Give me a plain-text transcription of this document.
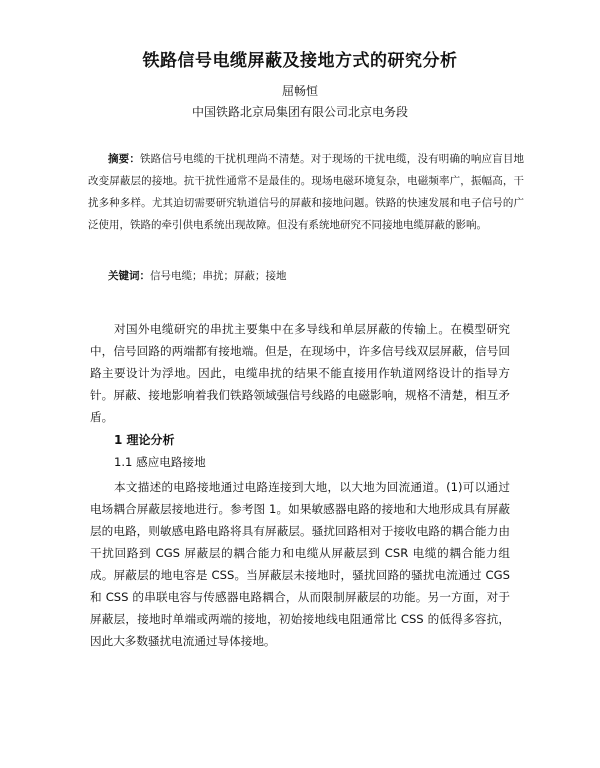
铁路信号电缆屏蔽及接地方式的研究分析
屈畅恒
中国铁路北京局集团有限公司北京电务段
摘要：铁路信号电缆的干扰机理尚不清楚。对于现场的干扰电缆，没有明确的响应盲目地改变屏蔽层的接地。抗干扰性通常不是最佳的。现场电磁环境复杂，电磁频率广，振幅高，干扰多种多样。尤其迫切需要研究轨道信号的屏蔽和接地问题。铁路的快速发展和电子信号的广泛使用，铁路的牵引供电系统出现故障。但没有系统地研究不同接地电缆屏蔽的影响。
关键词：信号电缆；串扰；屏蔽；接地

对国外电缆研究的串扰主要集中在多导线和单层屏蔽的传输上。在模型研究中，信号回路的两端都有接地端。但是，在现场中，许多信号线双层屏蔽，信号回路主要设计为浮地。因此，电缆串扰的结果不能直接用作轨道网络设计的指导方针。屏蔽、接地影响着我们铁路领域强信号线路的电磁影响，规格不清楚，相互矛盾。

1 理论分析
1.1 感应电路接地

本文描述的电路接地通过电路连接到大地，以大地为回流通道。(1)可以通过电场耦合屏蔽层接地进行。参考图 1。如果敏感器电路的接地和大地形成具有屏蔽层的电路，则敏感电路电路将具有屏蔽层。骚扰回路相对于接收电路的耦合能力由干扰回路到 CGS 屏蔽层的耦合能力和电缆从屏蔽层到 CSR 电缆的耦合能力组成。屏蔽层的地电容是 CSS。当屏蔽层未接地时，骚扰回路的骚扰电流通过 CGS 和 CSS 的串联电容与传感器电路耦合，从而限制屏蔽层的功能。另一方面，对于屏蔽层，接地时单端或两端的接地，初始接地线电阻通常比 CSS 的低得多容抗，因此大多数骚扰电流通过导体接地。
